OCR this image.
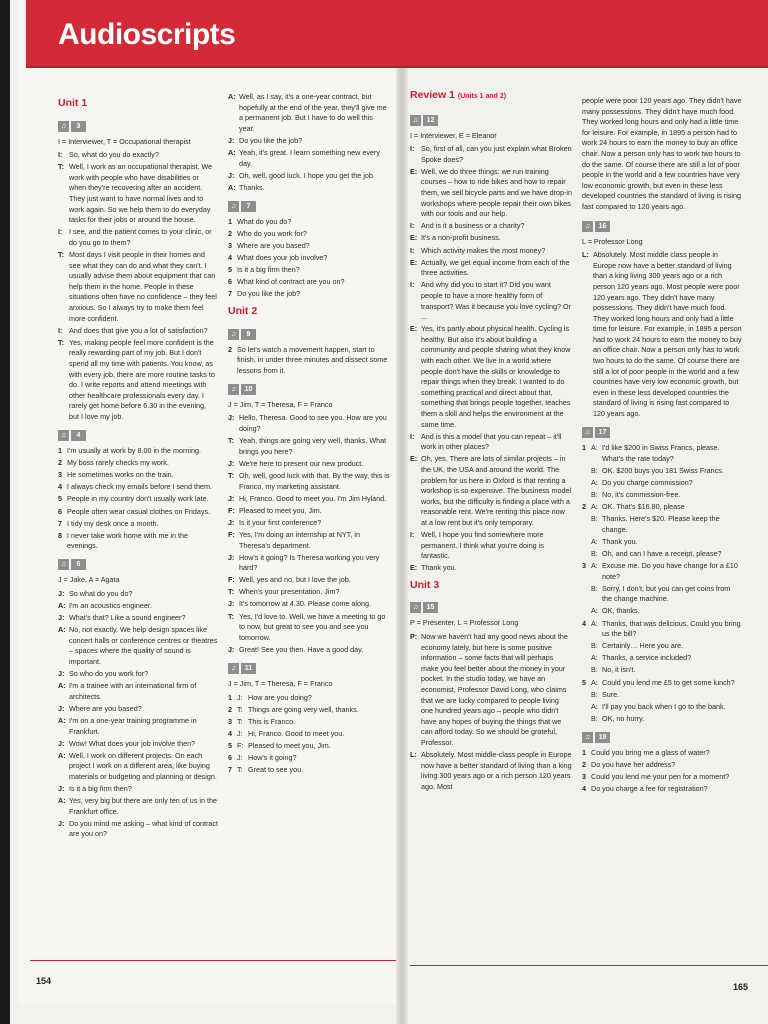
Audioscripts
Unit 1
♫	3
I = Interviewer, T = Occupational therapist
I: So, what do you do exactly?
T: Well, I work as an occupational therapist. We work with people who have disabilities or when they're recovering after an accident. They just want to have normal lives and to work again. So we help them to do everyday tasks for their jobs or around the house.
I: I see, and the patient comes to your clinic, or do you go to them?
T: Most days I visit people in their homes and see what they can do and what they can't. I usually advise them about equipment that can help them in the home. People in these situations often have no confidence – they feel anxious. So I always try to make them feel more confident.
I: And does that give you a lot of satisfaction?
T: Yes, making people feel more confident is the really rewarding part of my job. But I don't spend all my time with patients. You know, as with every job, there are more routine tasks to do. I write reports and attend meetings with other healthcare professionals every day. I rarely get home before 6.30 in the evening, but I love my job.
♫	4
1 I'm usually at work by 8.00 in the morning.
2 My boss rarely checks my work.
3 He sometimes works on the train.
4 I always check my emails before I send them.
5 People in my country don't usually work late.
6 People often wear casual clothes on Fridays.
7 I tidy my desk once a month.
8 I never take work home with me in the evenings.
♫	6
J = Jake, A = Agata
J: So what do you do?
A: I'm an acoustics engineer.
J: What's that? Like a sound engineer?
A: No, not exactly. We help design spaces like concert halls or conference centres or theatres – spaces where the quality of sound is important.
J: So who do you work for?
A: I'm a trainee with an international firm of architects.
J: Where are you based?
A: I'm on a one-year training programme in Frankfurt.
J: Wow! What does your job involve then?
A: Well, I work on different projects. On each project I work on a different area, like buying materials or budgeting and planning or design.
J: Is it a big firm then?
A: Yes, very big but there are only ten of us in the Frankfurt office.
J: Do you mind me asking – what kind of contract are you on?
A: Well, as I say, it's a one-year contract, but hopefully at the end of the year, they'll give me a permanent job. But I have to do well this year.
J: Do you like the job?
A: Yeah, it's great. I learn something new every day.
J: Oh, well, good luck. I hope you get the job.
A: Thanks.
♫	7
1 What do you do?
2 Who do you work for?
3 Where are you based?
4 What does your job involve?
5 Is it a big firm then?
6 What kind of contract are you on?
7 Do you like the job?
Unit 2
♫	9
2 So let's watch a movement happen, start to finish, in under three minutes and dissect some lessons from it.
♫	10
J = Jim, T = Theresa, F = Franco
J: Hello, Theresa. Good to see you. How are you doing?
T: Yeah, things are going very well, thanks. What brings you here?
J: We're here to present our new product.
T: Oh, well, good luck with that. By the way, this is Franco, my marketing assistant.
J: Hi, Franco. Good to meet you. I'm Jim Hyland.
F: Pleased to meet you, Jim.
J: Is it your first conference?
F: Yes, I'm doing an internship at NYT, in Theresa's department.
J: How's it going? Is Theresa working you very hard?
F: Well, yes and no, but I love the job.
T: When's your presentation, Jim?
J: It's tomorrow at 4.30. Please come along.
T: Yes, I'd love to. Well, we have a meeting to go to now, but great to see you and see you tomorrow.
J: Great! See you then. Have a good day.
♫	11
J = Jim, T = Theresa, F = Franco
1 J: How are you doing?
2 T: Things are going very well, thanks.
3 T: This is Franco.
4 J: Hi, Franco. Good to meet you.
5 F: Pleased to meet you, Jim.
6 J: How's it going?
7 T: Great to see you.
Review 1 (Units 1 and 2)
♫	12
I = Interviewer, E = Eleanor
I: So, first of all, can you just explain what Broken Spoke does?
E: Well, we do three things: we run training courses – how to ride bikes and how to repair them, we sell bicycle parts and we have drop-in workshops where people repair their own bikes with our tools and our help.
I: And is it a business or a charity?
E: It's a non-profit business.
I: Which activity makes the most money?
E: Actually, we get equal income from each of the three activities.
I: And why did you to start it? Did you want people to have a more healthy form of transport? Was it because you love cycling? Or ...
E: Yes, it's partly about physical health. Cycling is healthy. But also it's about building a community and people sharing what they know with each other. We live in a world where people don't have the skills or knowledge to repair things when they break. I wanted to do something practical and direct about that, something that brings people together, teaches them a skill and helps the environment at the same time.
I: And is this a model that you can repeat – it'll work in other places?
E: Oh, yes. There are lots of similar projects – in the UK, the USA and around the world. The problem for us here in Oxford is that renting a workshop is so expensive. The business model works, but the difficulty is finding a place with a reasonable rent. We're renting this place now at a low rent but it's only temporary.
I: Well, I hope you find somewhere more permanent. I think what you're doing is fantastic.
E: Thank you.
Unit 3
♫	15
P = Presenter, L = Professor Long
P: Now we haven't had any good news about the economy lately, but here is some positive information – some facts that will perhaps make you feel better about the money in your pocket. In the studio today, we have an economist, Professor David Long, who claims that we are lucky compared to people living one hundred years ago – people who didn't have any hopes of buying the things that we can afford today. So we should be grateful, Professor.
L: Absolutely. Most middle-class people in Europe now have a better standard of living than a king living 300 years ago or a rich person 120 years ago. Most

people were poor 120 years ago. They didn't have many possessions. They didn't have much food. They worked long hours and only had a little time for leisure. For example, in 1895 a person had to work 24 hours to earn the money to buy an office chair. Now a person only has to work two hours to do the same. Of course there are still a lot of poor people in the world and a few countries have very low economic growth, but even in these less developed countries the standard of living is rising fast compared to 120 years ago.

♫	16
L = Professor Long
L: Absolutely. Most middle class people in Europe now have a better standard of living than a king living 300 years ago or a rich person 120 years ago. Most people were poor 120 years ago. They didn't have many possessions. They didn't have much food. They worked long hours and only had a little time for leisure. For example, in 1895 a person had to work 24 hours to earn the money to buy an office chair. Now a person only has to work two hours to do the same. Of course there are still a lot of poor people in the world and a few countries have very low economic growth, but even in these less developed countries the standard of living is rising fast compared to 120 years ago.
♫	17
1 A: I'd like $200 in Swiss Francs, please. What's the rate today?
B: OK. $200 buys you 181 Swiss Francs.
A: Do you charge commission?
B: No, it's commission-free.
2 A: OK. That's $16.80, please
B: Thanks. Here's $20. Please keep the change.
A: Thank you.
B: Oh, and can I have a receipt, please?
3 A: Excuse me. Do you have change for a £10 note?
B: Sorry, I don't, but you can get coins from the change machine.
A: OK, thanks.
4 A: Thanks, that was delicious. Could you bring us the bill?
B: Certainly… Here you are.
A: Thanks, a service included?
B: No, it isn't.
5 A: Could you lend me £5 to get some lunch?
B: Sure.
A: I'll pay you back when I go to the bank.
B: OK, no hurry.
♫	19
1 Could you bring me a glass of water?
2 Do you have her address?
3 Could you lend me your pen for a moment?
4 Do you charge a fee for registration?
154
165
